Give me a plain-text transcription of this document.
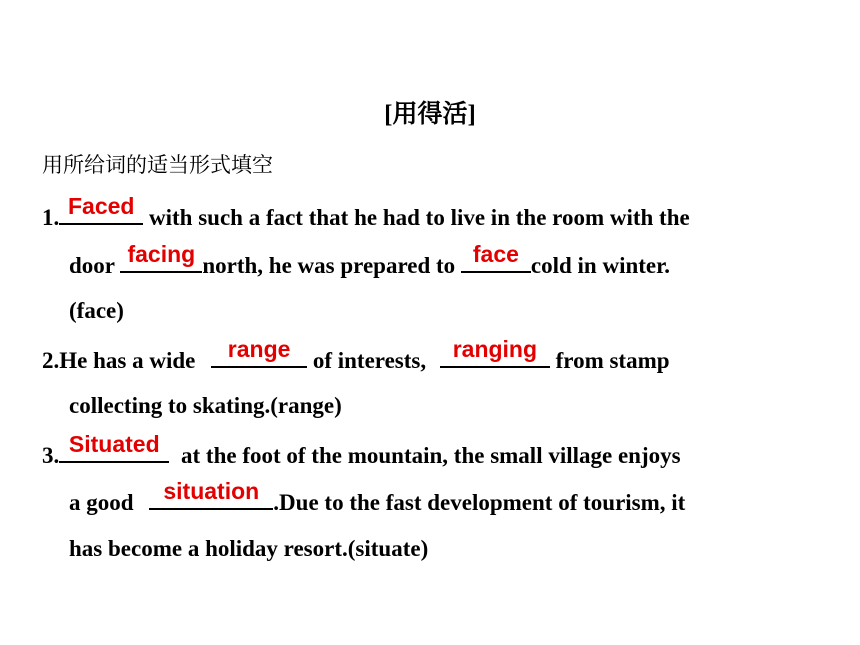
[用得活]
用所给词的适当形式填空
1. Faced with such a fact that he had to live in the room with the
door facing north, he was prepared to face cold in winter.
(face)
2.He has a wide range of interests, ranging from stamp
collecting to skating.(range)
3. Situated at the foot of the mountain, the small village enjoys
a good situation .Due to the fast development of tourism, it
has become a holiday resort.(situate)
